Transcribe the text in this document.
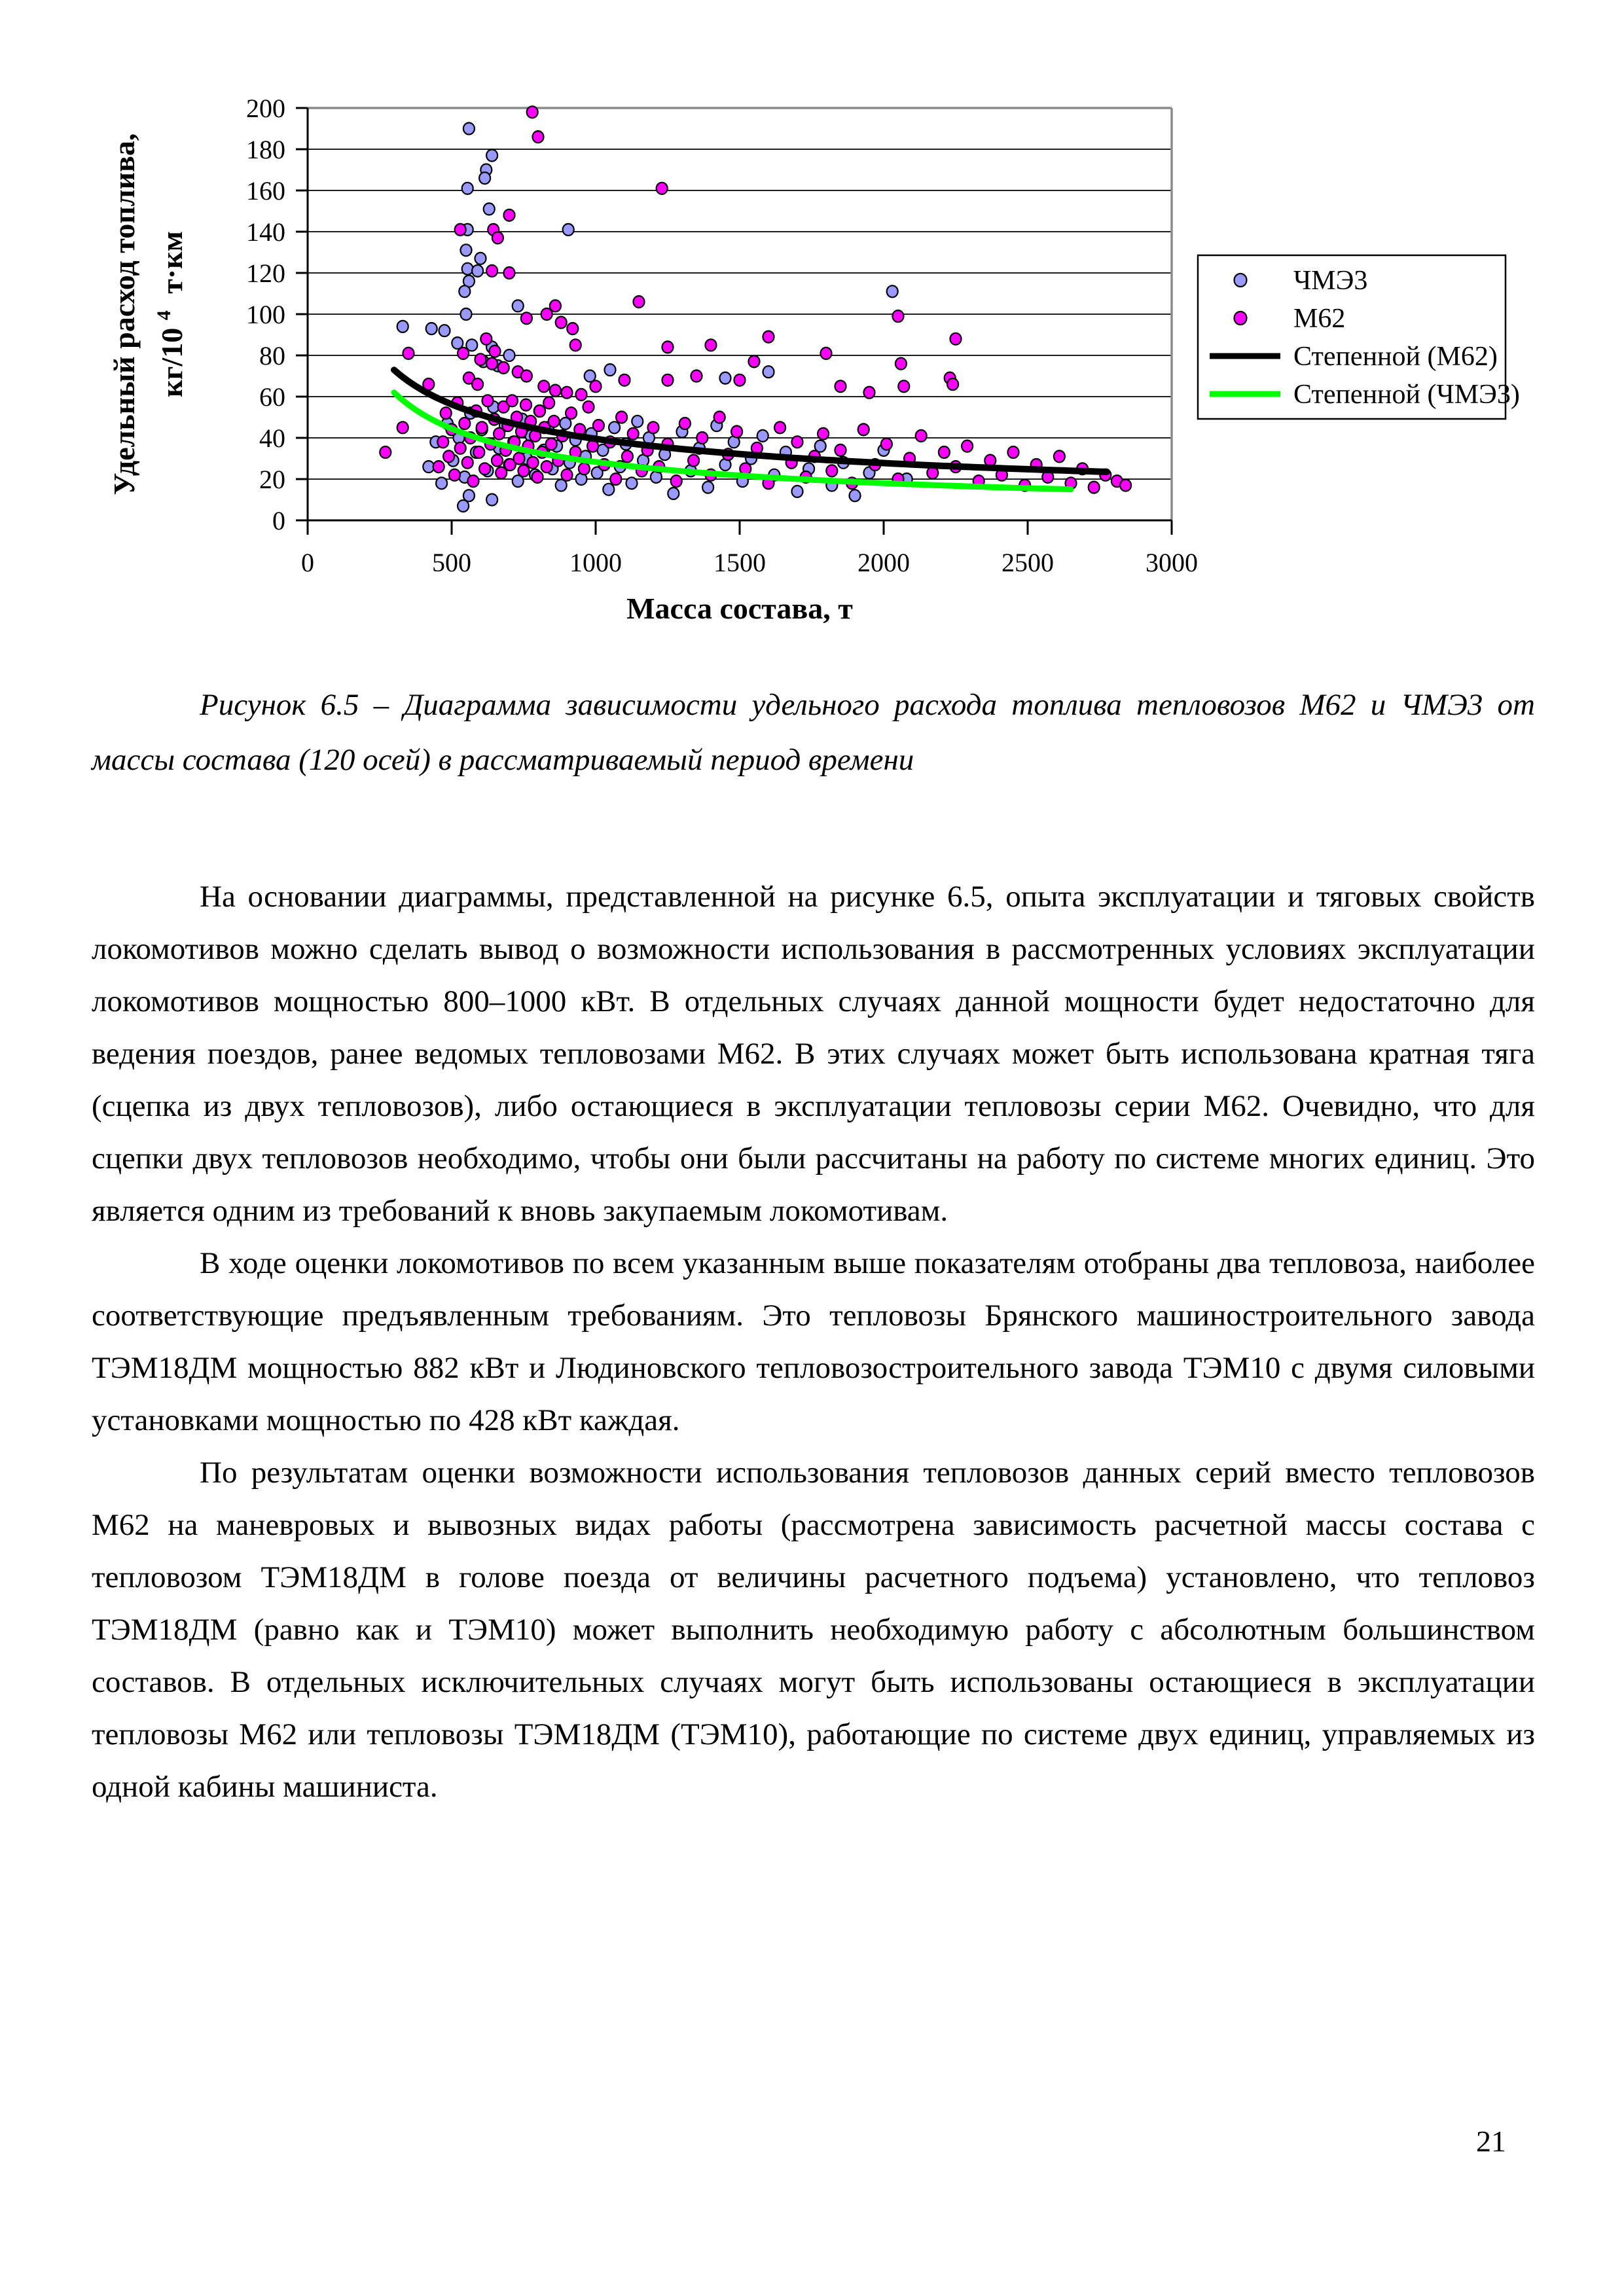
0
20
40
60
80
100
120
140
160
180
200
0	500	1000	1500	2000	2500	3000
ЧМЭ3
М62
Степенной (М62)
Степенной (ЧМЭ3)
Удельный расход топлива, кг/10 $^4$ т·км
Масса состава, т
Рисунок 6.5 – Диаграмма зависимости удельного расхода топлива тепловозов М62 и ЧМЭ3 от массы состава (120 осей) в рассматриваемый период времени

На основании диаграммы, представленной на рисунке 6.5, опыта эксплуатации и тяговых свойств локомотивов можно сделать вывод о возможности использования в рассмотренных условиях эксплуатации локомотивов мощностью 800–1000 кВт. В отдельных случаях данной мощности будет недостаточно для ведения поездов, ранее ведомых тепловозами М62. В этих случаях может быть использована кратная тяга (сцепка из двух тепловозов), либо остающиеся в эксплуатации тепловозы серии М62. Очевидно, что для сцепки двух тепловозов необходимо, чтобы они были рассчитаны на работу по системе многих единиц. Это является одним из требований к вновь закупаемым локомотивам.

В ходе оценки локомотивов по всем указанным выше показателям отобраны два тепловоза, наиболее соответствующие предъявленным требованиям. Это тепловозы Брянского машиностроительного завода ТЭМ18ДМ мощностью 882 кВт и Людиновского тепловозостроительного завода ТЭМ10 с двумя силовыми установками мощностью по 428 кВт каждая.

По результатам оценки возможности использования тепловозов данных серий вместо тепловозов М62 на маневровых и вывозных видах работы (рассмотрена зависимость расчетной массы состава с тепловозом ТЭМ18ДМ в голове поезда от величины расчетного подъема) установлено, что тепловоз ТЭМ18ДМ (равно как и ТЭМ10) может выполнить необходимую работу с абсолютным большинством составов. В отдельных исключительных случаях могут быть использованы остающиеся в эксплуатации тепловозы М62 или тепловозы ТЭМ18ДМ (ТЭМ10), работающие по системе двух единиц, управляемых из одной кабины машиниста.

21
